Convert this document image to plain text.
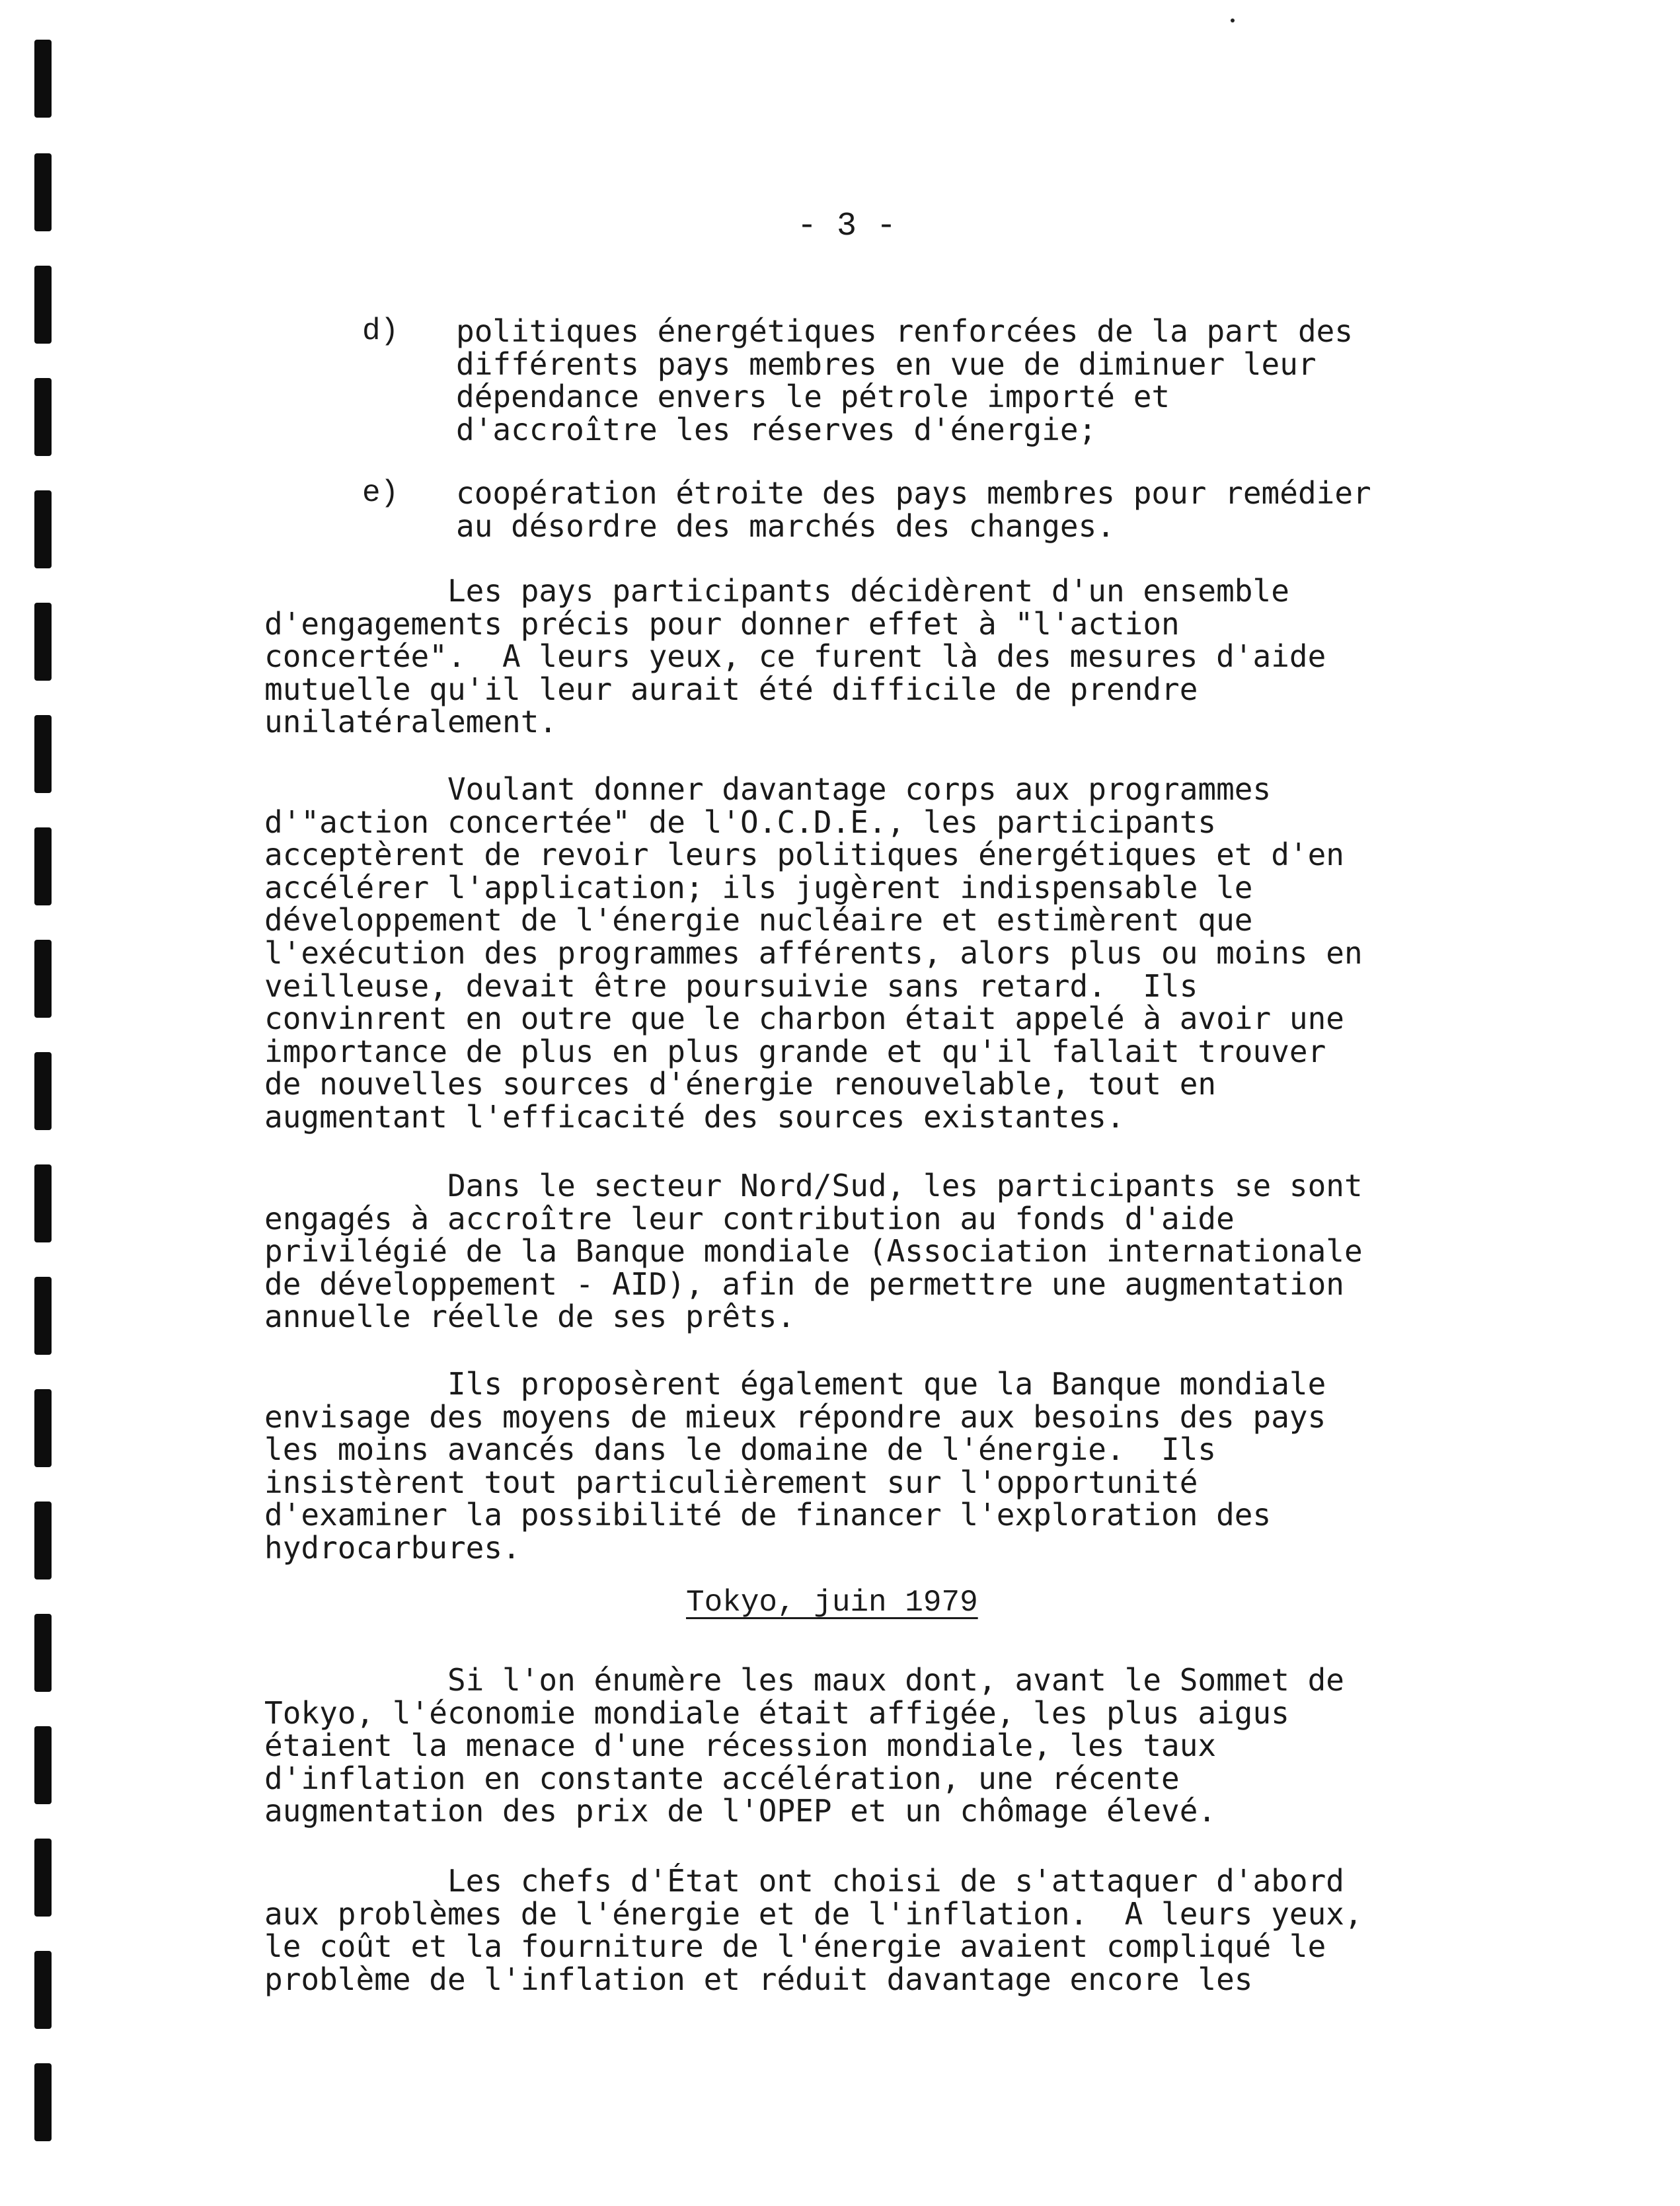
- 3 -
d) politiques énergétiques renforcées de la part des
différents pays membres en vue de diminuer leur
dépendance envers le pétrole importé et
d'accroître les réserves d'énergie;
e) coopération étroite des pays membres pour remédier
au désordre des marchés des changes.
Les pays participants décidèrent d'un ensemble
d'engagements précis pour donner effet à "l'action
concertée".  A leurs yeux, ce furent là des mesures d'aide
mutuelle qu'il leur aurait été difficile de prendre
unilatéralement.
Voulant donner davantage corps aux programmes
d'"action concertée" de l'O.C.D.E., les participants
acceptèrent de revoir leurs politiques énergétiques et d'en
accélérer l'application; ils jugèrent indispensable le
développement de l'énergie nucléaire et estimèrent que
l'exécution des programmes afférents, alors plus ou moins en
veilleuse, devait être poursuivie sans retard.  Ils
convinrent en outre que le charbon était appelé à avoir une
importance de plus en plus grande et qu'il fallait trouver
de nouvelles sources d'énergie renouvelable, tout en
augmentant l'efficacité des sources existantes.
Dans le secteur Nord/Sud, les participants se sont
engagés à accroître leur contribution au fonds d'aide
privilégié de la Banque mondiale (Association internationale
de développement - AID), afin de permettre une augmentation
annuelle réelle de ses prêts.
Ils proposèrent également que la Banque mondiale
envisage des moyens de mieux répondre aux besoins des pays
les moins avancés dans le domaine de l'énergie.  Ils
insistèrent tout particulièrement sur l'opportunité
d'examiner la possibilité de financer l'exploration des
hydrocarbures.
Tokyo, juin 1979
Si l'on énumère les maux dont, avant le Sommet de
Tokyo, l'économie mondiale était affigée, les plus aigus
étaient la menace d'une récession mondiale, les taux
d'inflation en constante accélération, une récente
augmentation des prix de l'OPEP et un chômage élevé.
Les chefs d'État ont choisi de s'attaquer d'abord
aux problèmes de l'énergie et de l'inflation.  A leurs yeux,
le coût et la fourniture de l'énergie avaient compliqué le
problème de l'inflation et réduit davantage encore les
